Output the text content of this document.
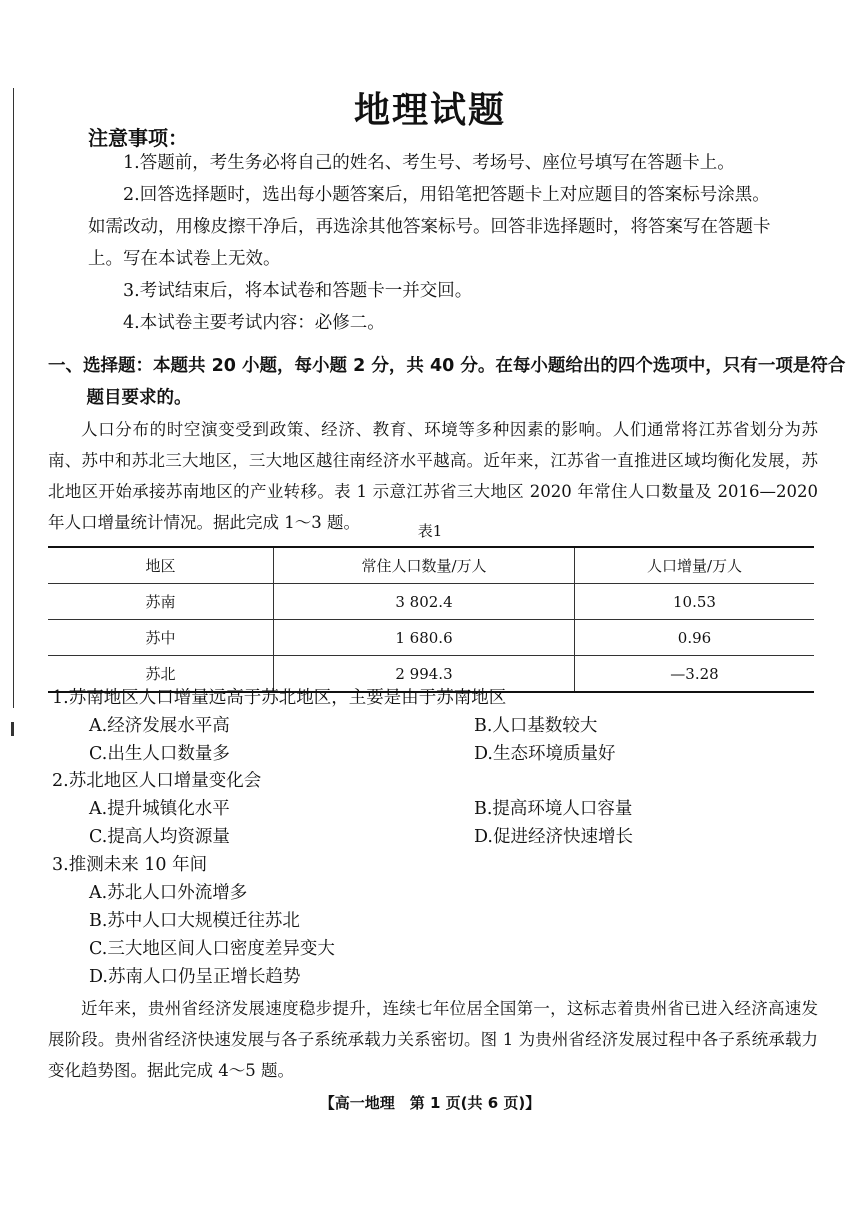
地理试题
注意事项：

1.答题前，考生务必将自己的姓名、考生号、考场号、座位号填写在答题卡上。

2.回答选择题时，选出每小题答案后，用铅笔把答题卡上对应题目的答案标号涂黑。如需改动，用橡皮擦干净后，再选涂其他答案标号。回答非选择题时，将答案写在答题卡上。写在本试卷上无效。

3.考试结束后，将本试卷和答题卡一并交回。

4.本试卷主要考试内容：必修二。

一、选择题：本题共 20 小题，每小题 2 分，共 40 分。在每小题给出的四个选项中，只有一项是符合题目要求的。

人口分布的时空演变受到政策、经济、教育、环境等多种因素的影响。人们通常将江苏省划分为苏南、苏中和苏北三大地区，三大地区越往南经济水平越高。近年来，江苏省一直推进区域均衡化发展，苏北地区开始承接苏南地区的产业转移。表 1 示意江苏省三大地区 2020 年常住人口数量及 2016—2020 年人口增量统计情况。据此完成 1～3 题。	表1
地区	常住人口数量/万人	人口增量/万人
苏南	3 802.4	10.53
苏中	1 680.6	0.96
苏北	2 994.3	—3.28

1.苏南地区人口增量远高于苏北地区，主要是由于苏南地区

A.经济发展水平高	B.人口基数较大
C.出生人口数量多	D.生态环境质量好

2.苏北地区人口增量变化会

A.提升城镇化水平	B.提高环境人口容量
C.提高人均资源量	D.促进经济快速增长

3.推测未来 10 年间

A.苏北人口外流增多
B.苏中人口大规模迁往苏北
C.三大地区间人口密度差异变大
D.苏南人口仍呈正增长趋势

近年来，贵州省经济发展速度稳步提升，连续七年位居全国第一，这标志着贵州省已进入经济高速发展阶段。贵州省经济快速发展与各子系统承载力关系密切。图 1 为贵州省经济发展过程中各子系统承载力变化趋势图。据此完成 4～5 题。

【高一地理　第 1 页(共 6 页)】
